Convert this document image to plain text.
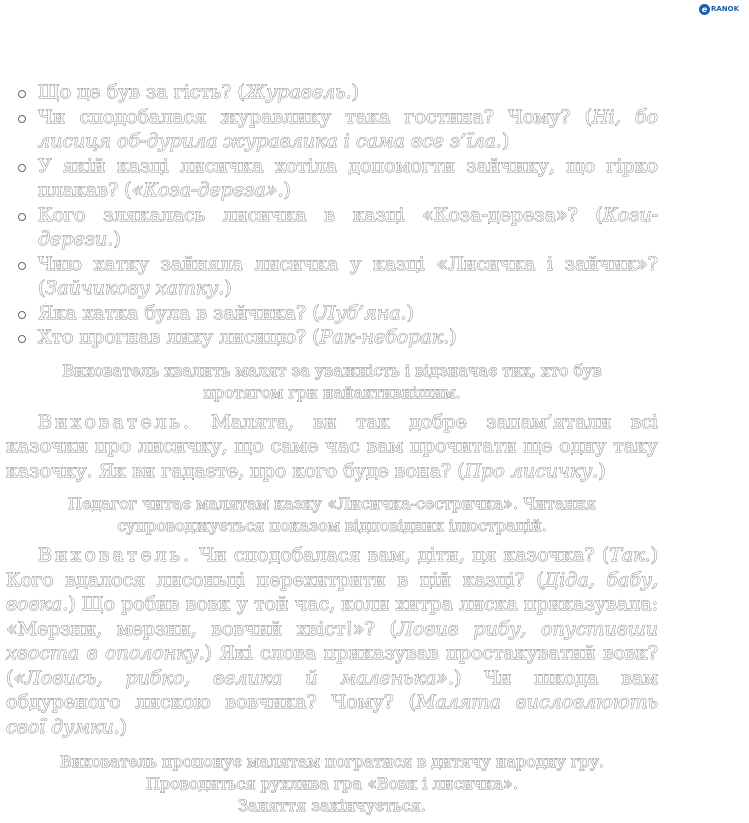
e RANOK
Що це був за гість? (Журавель.)
Чи сподобалася журавлику така гостина? Чому? (Ні, бо лисиця об-дурила журавлика і сама все з’їла.)
У якій казці лисичка хотіла допомогти зайчику, що гірко плакав? («Коза-дереза».)
Кого злякалась лисичка в казці «Коза-дереза»? (Кози-дерези.)
Чию хатку зайняла лисичка у казці «Лисичка і зайчик»? (Зайчикову хатку.)
Яка хатка була в зайчика? (Луб’яна.)
Хто прогнав лиху лисицю? (Рак-неборак.)
Вихователь хвалить малят за уважність і відзначає тих, хто був протягом гри найактивнішим.

Вихователь. Малята, ви так добре запам’ятали всі казочки про лисичку, що саме час вам прочитати ще одну таку казочку. Як ви гадаєте, про кого буде вона? (Про лисичку.)

Педагог читає малятам казку «Лисичка-сестричка». Читання супроводжується показом відповідних ілюстрацій.

Вихователь. Чи сподобалася вам, діти, ця казочка? (Так.) Кого вдалося лисоньці перехитрити в цій казці? (Діда, бабу, вовка.) Що робив вовк у той час, коли хитра лиска приказувала: «Мерзни, мерзни, вовчий хвіст!»? (Ловив рибу, опустивши хвоста в ополонку.) Які слова приказував простакуватий вовк? («Ловись, рибко, велика й маленька».) Чи шкода вам обдуреного лискою вовчика? Чому? (Малята висловлюють свої думки.)

Вихователь пропонує малятам погратися в дитячу народну гру.
Проводиться рухлива гра «Вовк і лисичка».
Заняття закінчується.
